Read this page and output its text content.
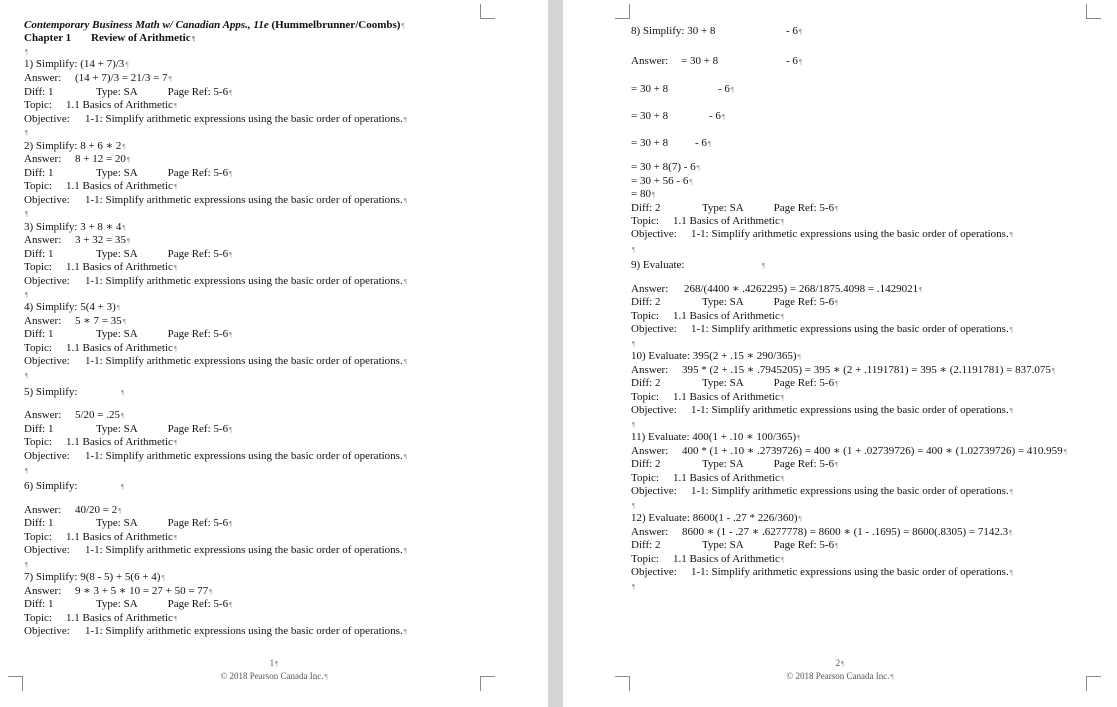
Contemporary Business Math w/ Canadian Apps., 11e (Hummelbrunner/Coombs)¶
Chapter 1 Review of Arithmetic¶
¶
1) Simplify: (14 + 7)/3¶
Answer: (14 + 7)/3 = 21/3 = 7¶
Diff: 1	Type: SA	Page Ref: 5-6¶
Topic: 1.1 Basics of Arithmetic¶
Objective: 1-1: Simplify arithmetic expressions using the basic order of operations.¶
¶
2) Simplify: 8 + 6 ∗ 2¶
Answer: 8 + 12 = 20¶
Diff: 1	Type: SA	Page Ref: 5-6¶
Topic: 1.1 Basics of Arithmetic¶
Objective: 1-1: Simplify arithmetic expressions using the basic order of operations.¶
¶
3) Simplify: 3 + 8 ∗ 4¶
Answer: 3 + 32 = 35¶
Diff: 1	Type: SA	Page Ref: 5-6¶
Topic: 1.1 Basics of Arithmetic¶
Objective: 1-1: Simplify arithmetic expressions using the basic order of operations.¶
¶
4) Simplify: 5(4 + 3)¶
Answer: 5 ∗ 7 = 35¶
Diff: 1	Type: SA	Page Ref: 5-6¶
Topic: 1.1 Basics of Arithmetic¶
Objective: 1-1: Simplify arithmetic expressions using the basic order of operations.¶
¶
5) Simplify:	¶
Answer: 5/20 = .25¶
Diff: 1	Type: SA	Page Ref: 5-6¶
Topic: 1.1 Basics of Arithmetic¶
Objective: 1-1: Simplify arithmetic expressions using the basic order of operations.¶
¶
6) Simplify:	¶
Answer: 40/20 = 2¶
Diff: 1	Type: SA	Page Ref: 5-6¶
Topic: 1.1 Basics of Arithmetic¶
Objective: 1-1: Simplify arithmetic expressions using the basic order of operations.¶
¶
7) Simplify: 9(8 - 5) + 5(6 + 4)¶
Answer: 9 ∗ 3 + 5 ∗ 10 = 27 + 50 = 77¶
Diff: 1	Type: SA	Page Ref: 5-6¶
Topic: 1.1 Basics of Arithmetic¶
Objective: 1-1: Simplify arithmetic expressions using the basic order of operations.¶
1¶
© 2018 Pearson Canada Inc.¶
8) Simplify: 30 + 8	- 6¶
Answer: = 30 + 8	- 6¶
= 30 + 8	- 6¶
= 30 + 8	- 6¶
= 30 + 8 - 6¶
= 30 + 8(7) - 6¶
= 30 + 56 - 6¶
= 80¶
Diff: 2	Type: SA	Page Ref: 5-6¶
Topic: 1.1 Basics of Arithmetic¶
Objective: 1-1: Simplify arithmetic expressions using the basic order of operations.¶
¶
9) Evaluate:	¶
Answer: 268/(4400 ∗ .4262295) = 268/1875.4098 = .1429021¶
Diff: 2	Type: SA	Page Ref: 5-6¶
Topic: 1.1 Basics of Arithmetic¶
Objective: 1-1: Simplify arithmetic expressions using the basic order of operations.¶
¶
10) Evaluate: 395(2 + .15 ∗ 290/365)¶
Answer: 395 * (2 + .15 ∗ .7945205) = 395 ∗ (2 + .1191781) = 395 ∗ (2.1191781) = 837.075¶
Diff: 2	Type: SA	Page Ref: 5-6¶
Topic: 1.1 Basics of Arithmetic¶
Objective: 1-1: Simplify arithmetic expressions using the basic order of operations.¶
¶
11) Evaluate: 400(1 + .10 ∗ 100/365)¶
Answer: 400 * (1 + .10 ∗ .2739726) = 400 ∗ (1 + .02739726) = 400 ∗ (1.02739726) = 410.959¶
Diff: 2	Type: SA	Page Ref: 5-6¶
Topic: 1.1 Basics of Arithmetic¶
Objective: 1-1: Simplify arithmetic expressions using the basic order of operations.¶
¶
12) Evaluate: 8600(1 - .27 * 226/360)¶
Answer: 8600 ∗ (1 - .27 ∗ .6277778) = 8600 ∗ (1 - .1695) = 8600(.8305) = 7142.3¶
Diff: 2	Type: SA	Page Ref: 5-6¶
Topic: 1.1 Basics of Arithmetic¶
Objective: 1-1: Simplify arithmetic expressions using the basic order of operations.¶
¶
2¶
© 2018 Pearson Canada Inc.¶
